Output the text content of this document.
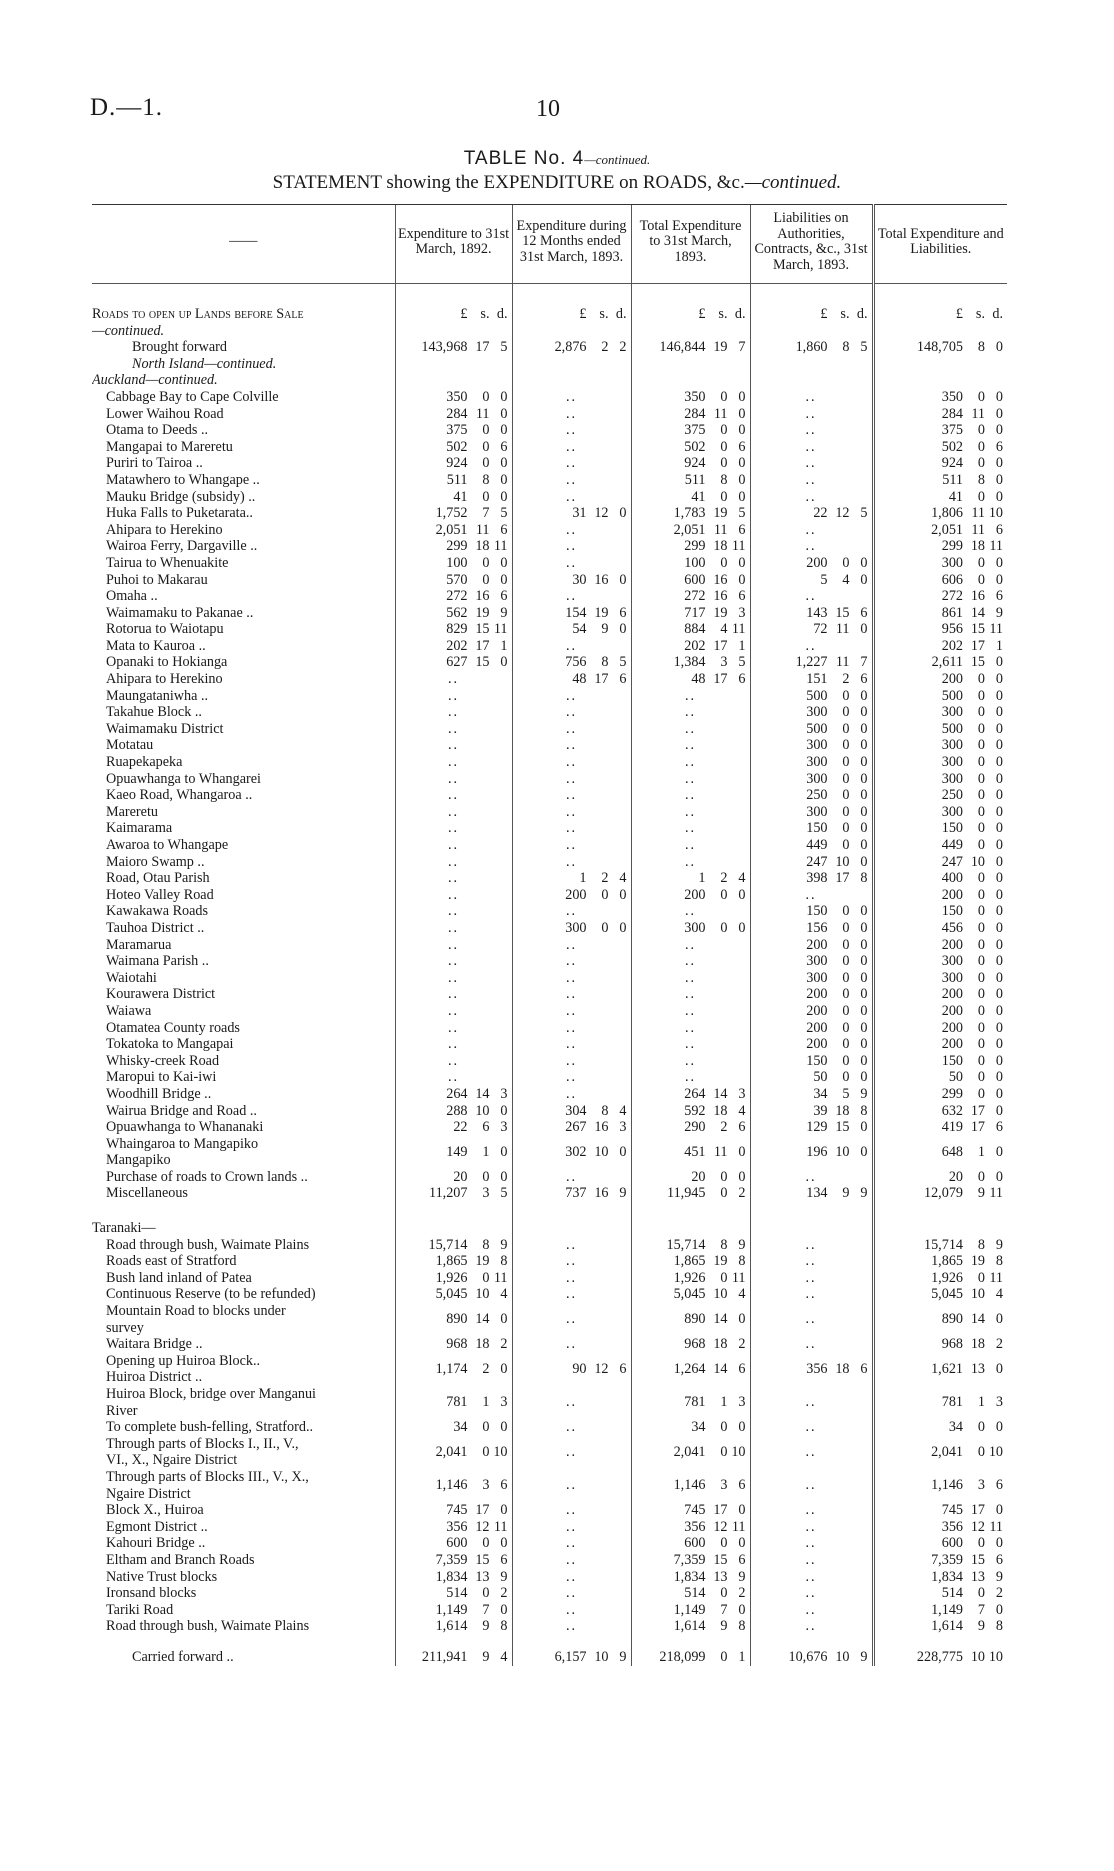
D.—1.	10
TABLE No. 4—continued.
STATEMENT showing the EXPENDITURE on ROADS, &c.—continued.
——	Expenditure to 31st March, 1892.	Expenditure during 12 Months ended 31st March, 1893.	Total Expenditure to 31st March, 1893.	Liabilities on Authorities, Contracts, &c., 31st March, 1893.	Total Expenditure and Liabilities.
Roads to open up Lands before Sale
—continued.	£ s. d.	£ s. d.	£ s. d.	£ s. d.	£ s. d.

Brought forward	143,968 17 5	2,876 2 2	146,844 19 7	1,860 8 5	148,705 8 0

North Island—continued.					
Auckland—continued.					
Cabbage Bay to Cape Colville	350 0 0	..	350 0 0	..	350 0 0

Lower Waihou Road	284 11 0	..	284 11 0	..	284 11 0

Otama to Deeds ..	375 0 0	..	375 0 0	..	375 0 0

Mangapai to Mareretu	502 0 6	..	502 0 6	..	502 0 6

Puriri to Tairoa ..	924 0 0	..	924 0 0	..	924 0 0

Matawhero to Whangape ..	511 8 0	..	511 8 0	..	511 8 0

Mauku Bridge (subsidy) ..	41 0 0	..	41 0 0	..	41 0 0

Huka Falls to Puketarata..	1,752 7 5	31 12 0	1,783 19 5	22 12 5	1,806 11 10

Ahipara to Herekino	2,051 11 6	..	2,051 11 6	..	2,051 11 6

Wairoa Ferry, Dargaville ..	299 18 11	..	299 18 11	..	299 18 11

Tairua to Whenuakite	100 0 0	..	100 0 0	200 0 0	300 0 0

Puhoi to Makarau	570 0 0	30 16 0	600 16 0	5 4 0	606 0 0

Omaha ..	272 16 6	..	272 16 6	..	272 16 6

Waimamaku to Pakanae ..	562 19 9	154 19 6	717 19 3	143 15 6	861 14 9

Rotorua to Waiotapu	829 15 11	54 9 0	884 4 11	72 11 0	956 15 11

Mata to Kauroa ..	202 17 1	..	202 17 1	..	202 17 1

Opanaki to Hokianga	627 15 0	756 8 5	1,384 3 5	1,227 11 7	2,611 15 0

Ahipara to Herekino	..	48 17 6	48 17 6	151 2 6	200 0 0

Maungataniwha ..	..	..	..	500 0 0	500 0 0

Takahue Block ..	..	..	..	300 0 0	300 0 0

Waimamaku District	..	..	..	500 0 0	500 0 0

Motatau	..	..	..	300 0 0	300 0 0

Ruapekapeka	..	..	..	300 0 0	300 0 0

Opuawhanga to Whangarei	..	..	..	300 0 0	300 0 0

Kaeo Road, Whangaroa ..	..	..	..	250 0 0	250 0 0

Mareretu	..	..	..	300 0 0	300 0 0

Kaimarama	..	..	..	150 0 0	150 0 0

Awaroa to Whangape	..	..	..	449 0 0	449 0 0

Maioro Swamp ..	..	..	..	247 10 0	247 10 0

Road, Otau Parish	..	1 2 4	1 2 4	398 17 8	400 0 0

Hoteo Valley Road	..	200 0 0	200 0 0	..	200 0 0

Kawakawa Roads	..	..	..	150 0 0	150 0 0

Tauhoa District ..	..	300 0 0	300 0 0	156 0 0	456 0 0

Maramarua	..	..	..	200 0 0	200 0 0

Waimana Parish ..	..	..	..	300 0 0	300 0 0

Waiotahi	..	..	..	300 0 0	300 0 0

Kourawera District	..	..	..	200 0 0	200 0 0

Waiawa	..	..	..	200 0 0	200 0 0

Otamatea County roads	..	..	..	200 0 0	200 0 0

Tokatoka to Mangapai	..	..	..	200 0 0	200 0 0

Whisky-creek Road	..	..	..	150 0 0	150 0 0

Maropui to Kai-iwi	..	..	..	50 0 0	50 0 0

Woodhill Bridge ..	264 14 3	..	264 14 3	34 5 9	299 0 0

Wairua Bridge and Road ..	288 10 0	304 8 4	592 18 4	39 18 8	632 17 0

Opuawhanga to Whananaki	22 6 3	267 16 3	290 2 6	129 15 0	419 17 6

Whaingaroa to Mangapiko
Mangapiko	149 1 0	302 10 0	451 11 0	196 10 0	648 1 0

Purchase of roads to Crown lands ..	20 0 0	..	20 0 0	..	20 0 0

Miscellaneous	11,207 3 5	737 16 9	11,945 0 2	134 9 9	12,079 9 11

Taranaki—					
Road through bush, Waimate Plains	15,714 8 9	..	15,714 8 9	..	15,714 8 9

Roads east of Stratford	1,865 19 8	..	1,865 19 8	..	1,865 19 8

Bush land inland of Patea	1,926 0 11	..	1,926 0 11	..	1,926 0 11

Continuous Reserve (to be refunded)	5,045 10 4	..	5,045 10 4	..	5,045 10 4

Mountain Road to blocks under
survey	890 14 0	..	890 14 0	..	890 14 0

Waitara Bridge ..	968 18 2	..	968 18 2	..	968 18 2

Opening up Huiroa Block..
Huiroa District ..	1,174 2 0	90 12 6	1,264 14 6	356 18 6	1,621 13 0

Huiroa Block, bridge over Manganui
River	781 1 3	..	781 1 3	..	781 1 3

To complete bush-felling, Stratford..	34 0 0	..	34 0 0	..	34 0 0

Through parts of Blocks I., II., V.,
VI., X., Ngaire District	2,041 0 10	..	2,041 0 10	..	2,041 0 10

Through parts of Blocks III., V., X.,
Ngaire District	1,146 3 6	..	1,146 3 6	..	1,146 3 6

Block X., Huiroa	745 17 0	..	745 17 0	..	745 17 0

Egmont District ..	356 12 11	..	356 12 11	..	356 12 11

Kahouri Bridge ..	600 0 0	..	600 0 0	..	600 0 0

Eltham and Branch Roads	7,359 15 6	..	7,359 15 6	..	7,359 15 6

Native Trust blocks	1,834 13 9	..	1,834 13 9	..	1,834 13 9

Ironsand blocks	514 0 2	..	514 0 2	..	514 0 2

Tariki Road	1,149 7 0	..	1,149 7 0	..	1,149 7 0

Road through bush, Waimate Plains	1,614 9 8	..	1,614 9 8	..	1,614 9 8

Carried forward ..	211,941 9 4	6,157 10 9	218,099 0 1	10,676 10 9	228,775 10 10
